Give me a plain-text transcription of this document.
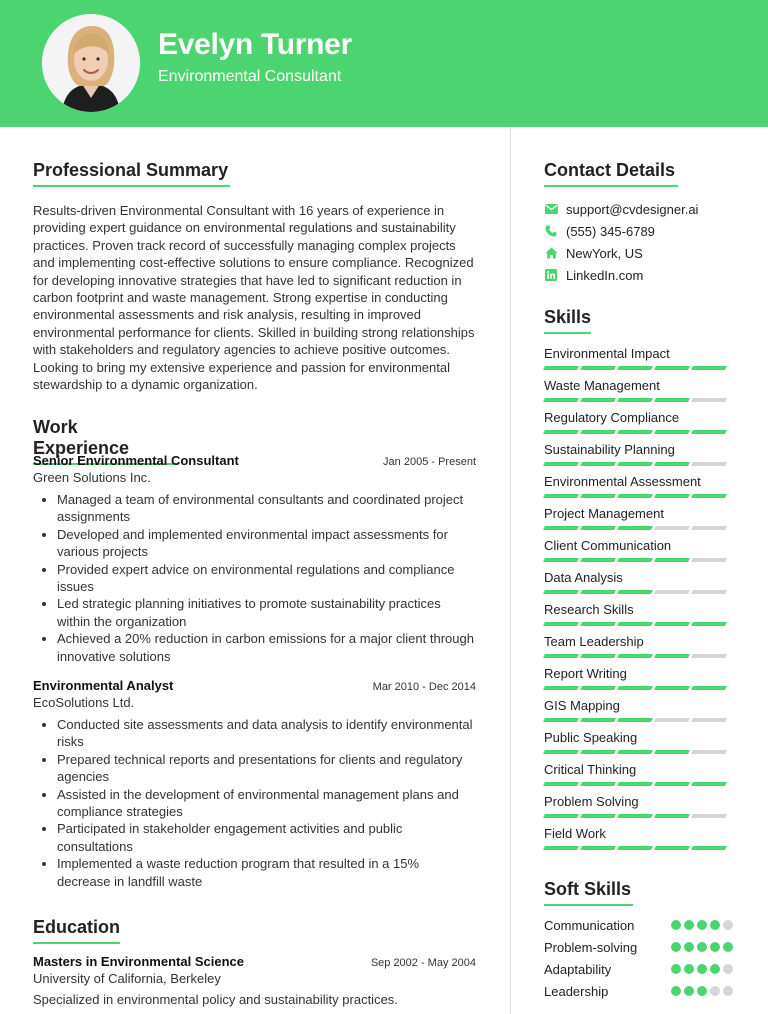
Evelyn Turner
Environmental Consultant
Professional Summary
Results-driven Environmental Consultant with 16 years of experience in providing expert guidance on environmental regulations and sustainability practices. Proven track record of successfully managing complex projects and implementing cost-effective solutions to ensure compliance. Recognized for developing innovative strategies that have led to significant reduction in carbon footprint and waste management. Strong expertise in conducting environmental assessments and risk analysis, resulting in improved environmental performance for clients. Skilled in building strong relationships with stakeholders and regulatory agencies to achieve positive outcomes. Looking to bring my extensive experience and passion for environmental stewardship to a dynamic organization.
Work Experience
Senior Environmental Consultant	Jan 2005 - Present
Green Solutions Inc.
• Managed a team of environmental consultants and coordinated project assignments
• Developed and implemented environmental impact assessments for various projects
• Provided expert advice on environmental regulations and compliance issues
• Led strategic planning initiatives to promote sustainability practices within the organization
• Achieved a 20% reduction in carbon emissions for a major client through innovative solutions
Environmental Analyst	Mar 2010 - Dec 2014
EcoSolutions Ltd.
• Conducted site assessments and data analysis to identify environmental risks
• Prepared technical reports and presentations for clients and regulatory agencies
• Assisted in the development of environmental management plans and compliance strategies
• Participated in stakeholder engagement activities and public consultations
• Implemented a waste reduction program that resulted in a 15% decrease in landfill waste
Education
Masters in Environmental Science	Sep 2002 - May 2004
University of California, Berkeley
Specialized in environmental policy and sustainability practices.
Contact Details
support@cvdesigner.ai
(555) 345-6789
NewYork, US
LinkedIn.com
Skills
Environmental Impact
Waste Management
Regulatory Compliance
Sustainability Planning
Environmental Assessment
Project Management
Client Communication
Data Analysis
Research Skills
Team Leadership
Report Writing
GIS Mapping
Public Speaking
Critical Thinking
Problem Solving
Field Work
Soft Skills
Communication
Problem-solving
Adaptability
Leadership
